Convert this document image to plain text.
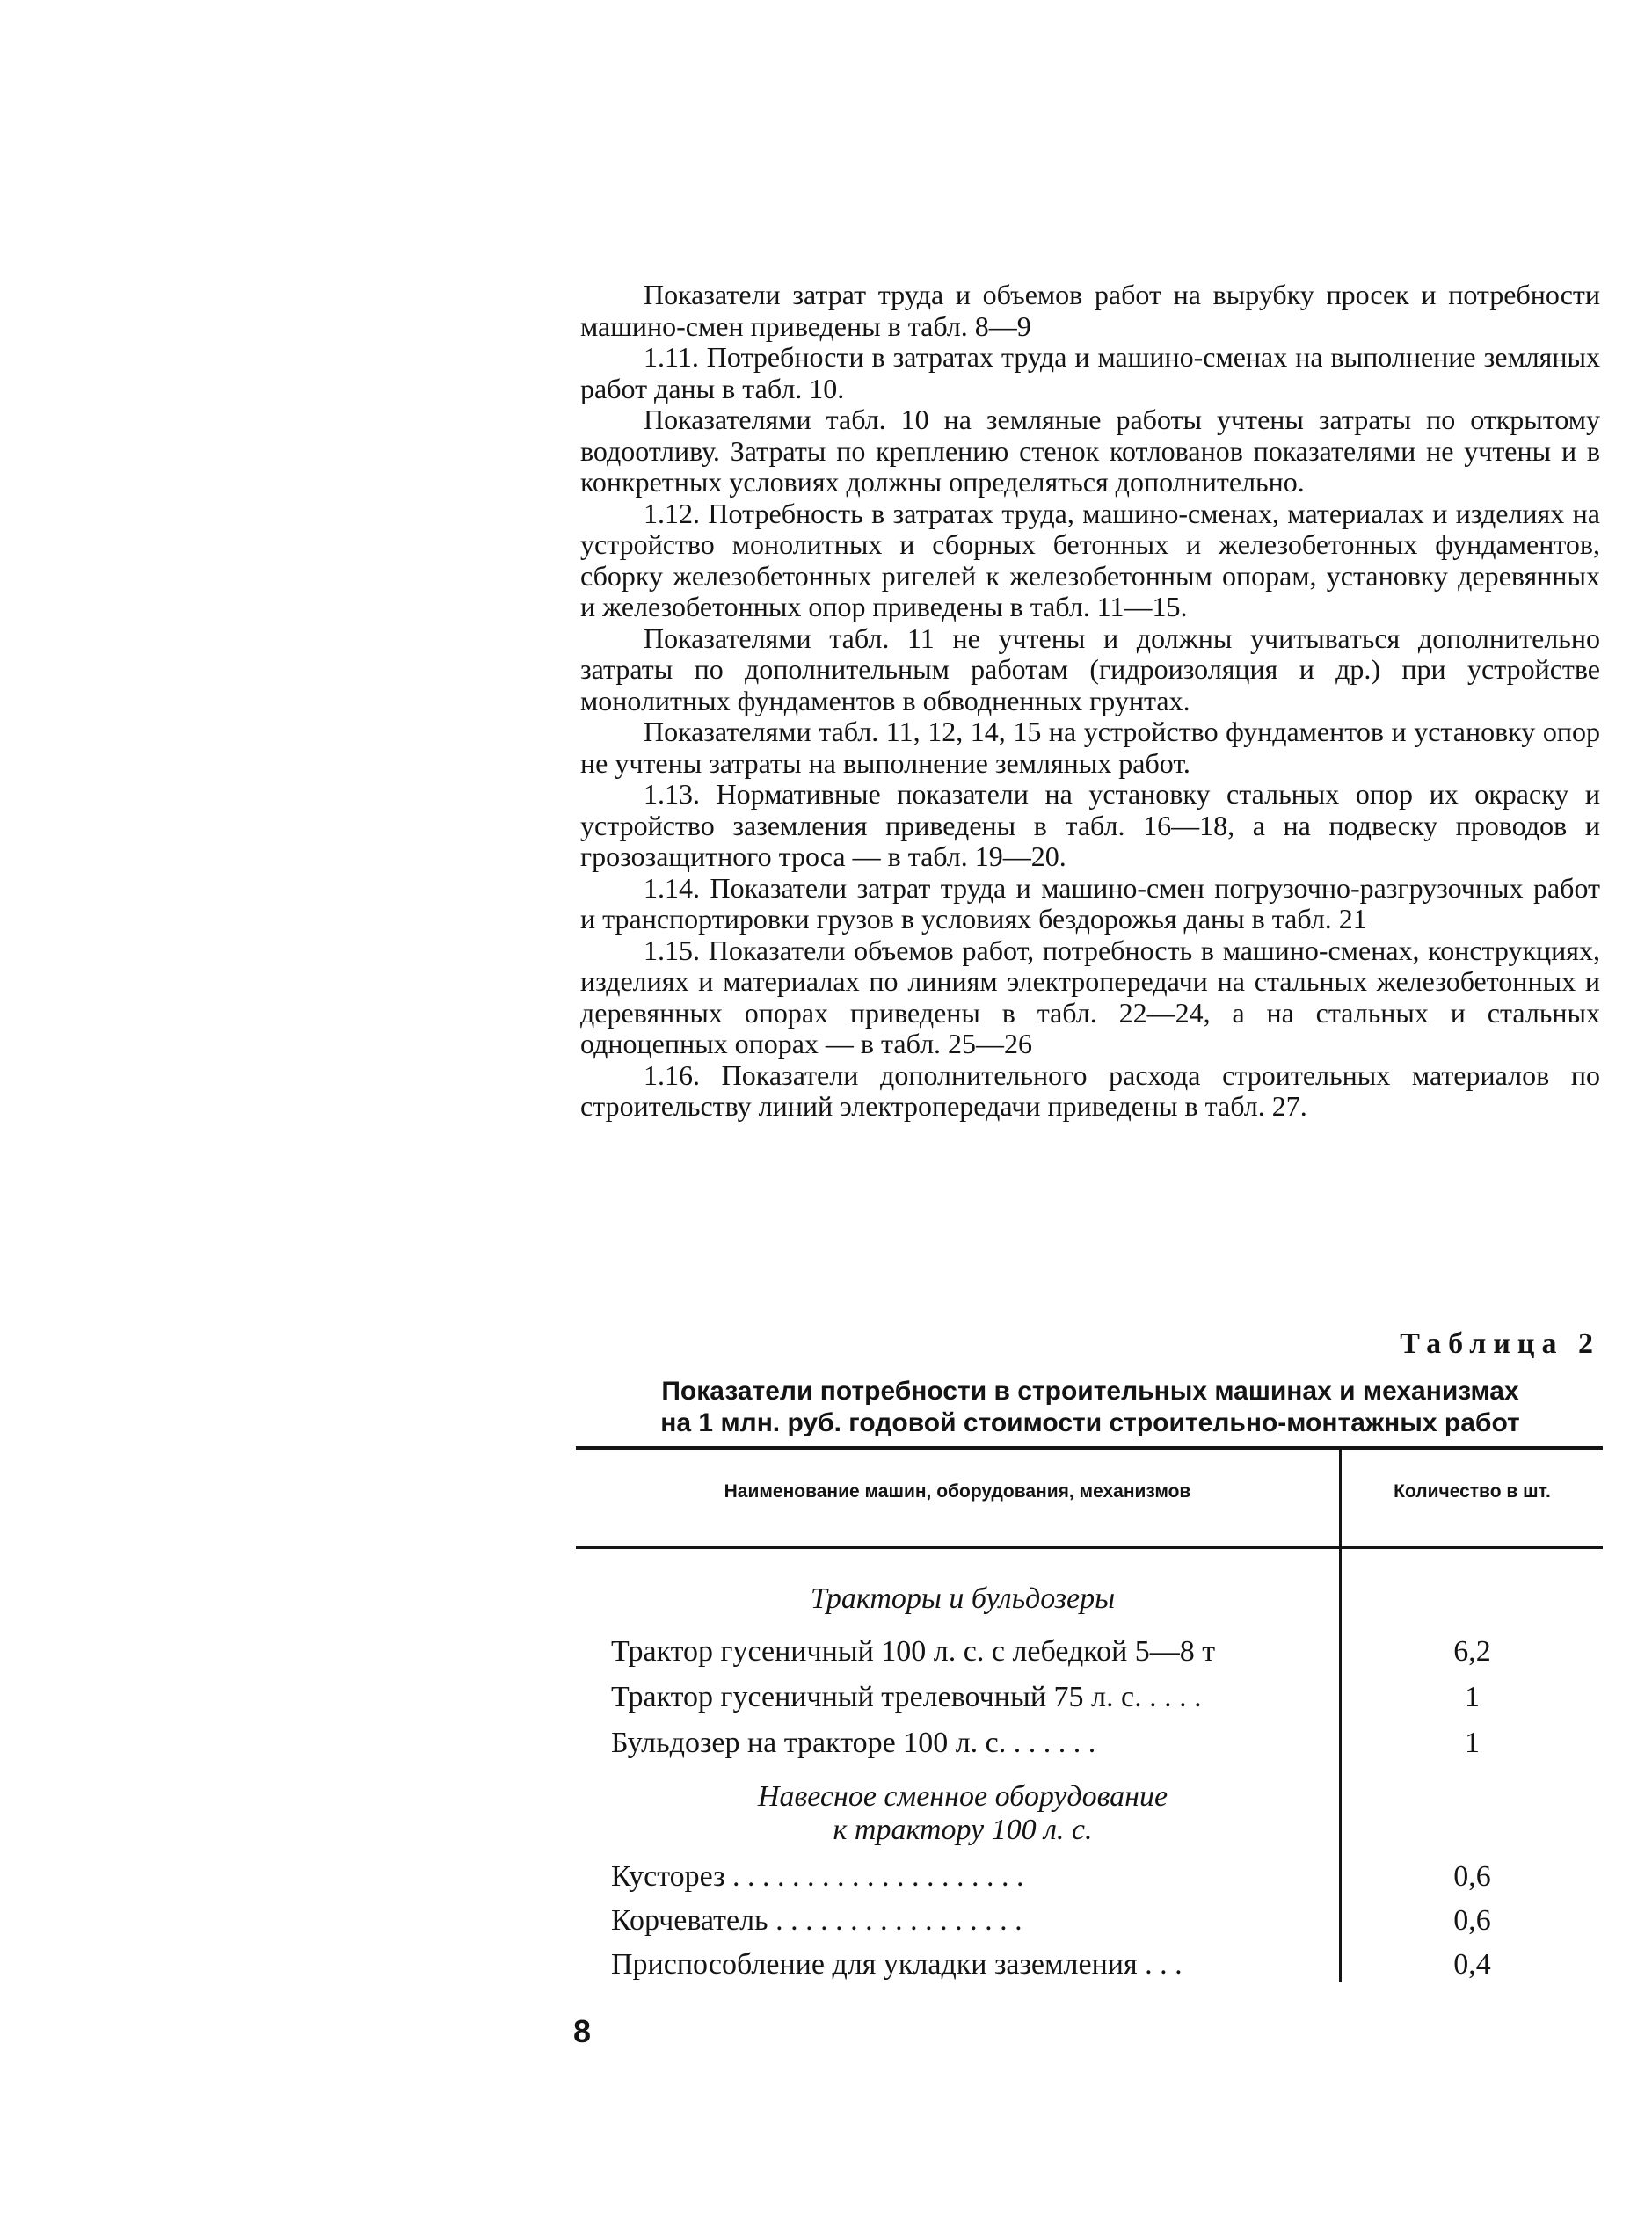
Показатели затрат труда и объемов работ на вырубку просек и потребности машино-смен приведены в табл. 8—9

1.11. Потребности в затратах труда и машино-сменах на выполнение земляных работ даны в табл. 10.

Показателями табл. 10 на земляные работы учтены затраты по открытому водоотливу. Затраты по креплению стенок котлованов показателями не учтены и в конкретных условиях должны определяться дополнительно.

1.12. Потребность в затратах труда, машино-сменах, материалах и изделиях на устройство монолитных и сборных бетонных и железобетонных фундаментов, сборку железобетонных ригелей к железобетонным опорам, установку деревянных и железобетонных опор приведены в табл. 11—15.

Показателями табл. 11 не учтены и должны учитываться дополнительно затраты по дополнительным работам (гидроизоляция и др.) при устройстве монолитных фундаментов в обводненных грунтах.

Показателями табл. 11, 12, 14, 15 на устройство фундаментов и установку опор не учтены затраты на выполнение земляных работ.

1.13. Нормативные показатели на установку стальных опор их окраску и устройство заземления приведены в табл. 16—18, а на подвеску проводов и грозозащитного троса — в табл. 19—20.

1.14. Показатели затрат труда и машино-смен погрузочно-разгрузочных работ и транспортировки грузов в условиях бездорожья даны в табл. 21

1.15. Показатели объемов работ, потребность в машино-сменах, конструкциях, изделиях и материалах по линиям электропередачи на стальных железобетонных и деревянных опорах приведены в табл. 22—24, а на стальных и стальных одноцепных опорах — в табл. 25—26

1.16. Показатели дополнительного расхода строительных материалов по строительству линий электропередачи приведены в табл. 27.

Таблица 2
Показатели потребности в строительных машинах и механизмах
на 1 млн. руб. годовой стоимости строительно-монтажных работ
Наименование машин, оборудования, механизмов	Количество в шт.
Тракторы и бульдозеры
Трактор гусеничный 100 л. с. с лебедкой 5—8 т	6,2
Трактор гусеничный трелевочный 75 л. с. . . . .	1
Бульдозер на тракторе 100 л. с. . . . . . .	1
Навесное сменное оборудование
к трактору 100 л. с.
Кусторез . . . . . . . . . . . . . . . . . . . .	0,6
Корчеватель . . . . . . . . . . . . . . . . .	0,6
Приспособление для укладки заземления . . .	0,4
8
